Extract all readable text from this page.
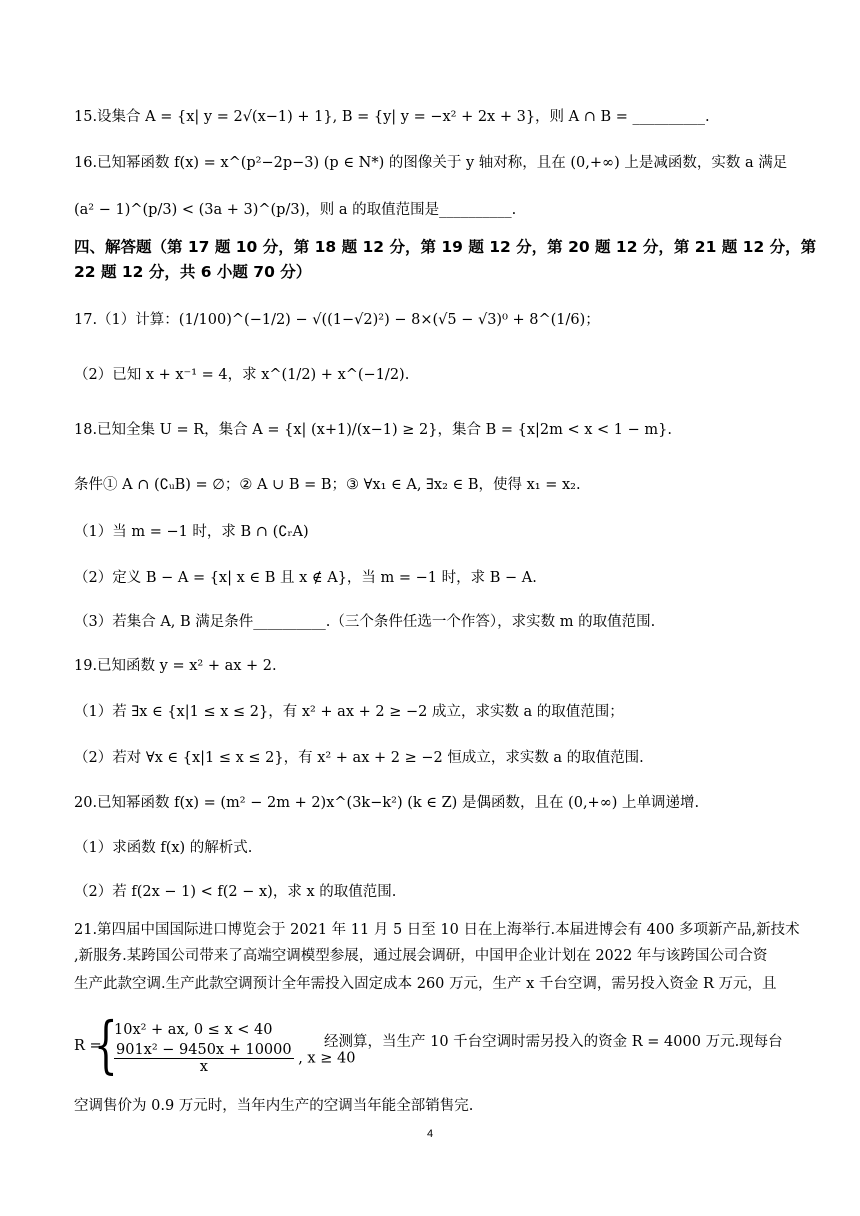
15.设集合 A = {x| y = 2√(x−1) + 1}, B = {y| y = −x² + 2x + 3}，则 A ∩ B = __________.
16.已知幂函数 f(x) = x^(p²−2p−3) (p ∈ N*) 的图像关于 y 轴对称，且在 (0,+∞) 上是减函数，实数 a 满足
(a² − 1)^(p/3) < (3a + 3)^(p/3)，则 a 的取值范围是__________.
四、解答题（第 17 题 10 分，第 18 题 12 分，第 19 题 12 分，第 20 题 12 分，第 21 题 12 分，第
22 题 12 分，共 6 小题 70 分）
17.（1）计算：(1/100)^(−1/2) − √((1−√2)²) − 8×(√5 − √3)⁰ + 8^(1/6)；
（2）已知 x + x⁻¹ = 4，求 x^(1/2) + x^(−1/2).
18.已知全集 U = R，集合 A = {x| (x+1)/(x−1) ≥ 2}，集合 B = {x|2m < x < 1 − m}.
条件① A ∩ (∁ᵤB) = ∅；② A ∪ B = B；③ ∀x₁ ∈ A, ∃x₂ ∈ B，使得 x₁ = x₂.
（1）当 m = −1 时，求 B ∩ (∁ᵣA)
（2）定义 B − A = {x| x ∈ B 且 x ∉ A}，当 m = −1 时，求 B − A.
（3）若集合 A, B 满足条件__________.（三个条件任选一个作答），求实数 m 的取值范围.
19.已知函数 y = x² + ax + 2.
（1）若 ∃x ∈ {x|1 ≤ x ≤ 2}，有 x² + ax + 2 ≥ −2 成立，求实数 a 的取值范围；
（2）若对 ∀x ∈ {x|1 ≤ x ≤ 2}，有 x² + ax + 2 ≥ −2 恒成立，求实数 a 的取值范围.
20.已知幂函数 f(x) = (m² − 2m + 2)x^(3k−k²) (k ∈ Z) 是偶函数，且在 (0,+∞) 上单调递增.
（1）求函数 f(x) 的解析式.
（2）若 f(2x − 1) < f(2 − x)，求 x 的取值范围.
21.第四届中国国际进口博览会于 2021 年 11 月 5 日至 10 日在上海举行.本届进博会有 400 多项新产品,新技术
,新服务.某跨国公司带来了高端空调模型参展，通过展会调研，中国甲企业计划在 2022 年与该跨国公司合资
生产此款空调.生产此款空调预计全年需投入固定成本 260 万元，生产 x 千台空调，需另投入资金 R 万元，且
R =
{
10x² + ax, 0 ≤ x < 40
$\frac{\text{901x² − 9450x + 10000}}{x}$ , x ≥ 40
经测算，当生产 10 千台空调时需另投入的资金 R = 4000 万元.现每台
空调售价为 0.9 万元时，当年内生产的空调当年能全部销售完.
4
